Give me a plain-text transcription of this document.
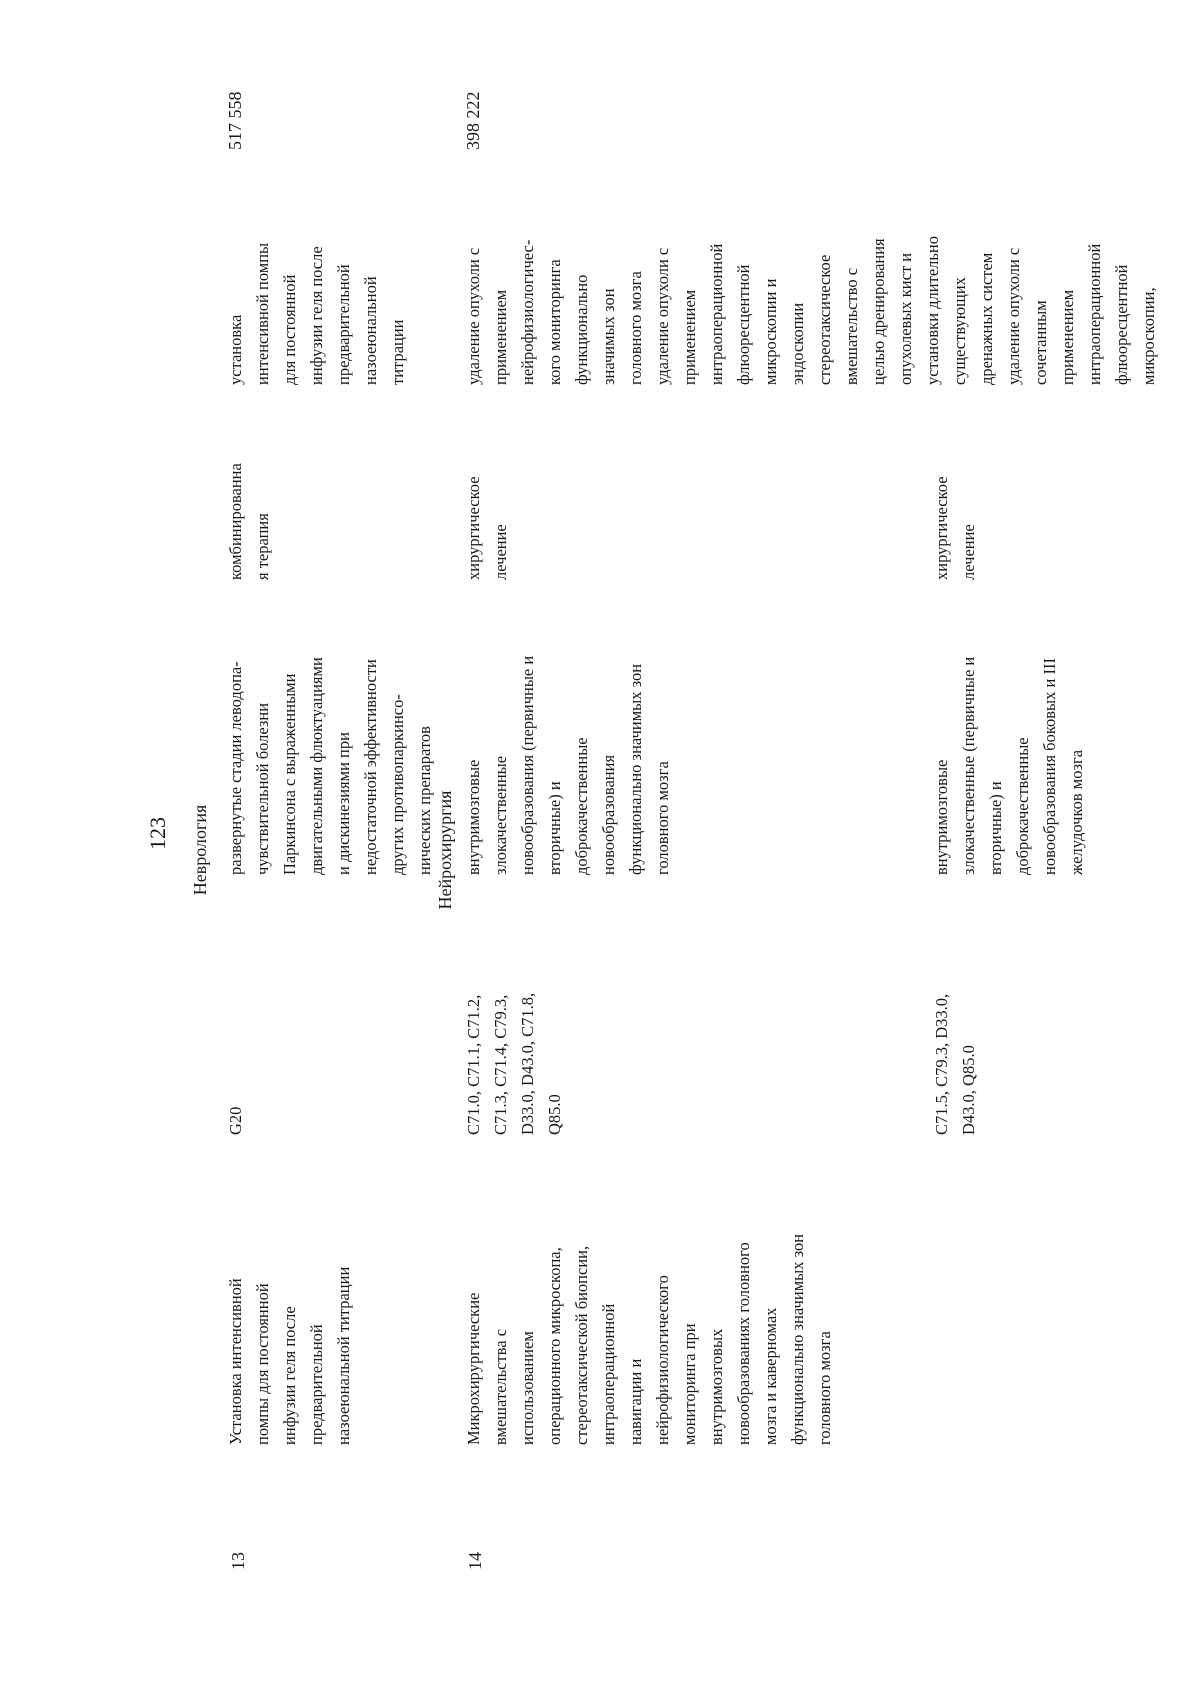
123 Неврология	Нейрохирургия
13
Установка интенсивной помпы для постоянной инфузии геля после предварительной назоеюнальной титрации
G20
развернутые стадии леводопа- чувствительной болезни Паркинсона с выраженными двигательными флюктуациями и дискинезиями при недостаточной эффективности других противопаркинсо- нических препаратов
комбинированна я терапия
установка интенсивной помпы для постоянной инфузии геля после предварительной назоеюнальной титрации
517 558
14
Микрохирургические вмешательства с использованием операционного микроскопа, стереотаксической биопсии, интраоперационной навигации и нейрофизиологического мониторинга при внутримозговых новообразованиях головного мозга и каверномах функционально значимых зон головного мозга
C71.0, C71.1, C71.2, C71.3, C71.4, C79.3, D33.0, D43.0, C71.8, Q85.0
внутримозговые злокачественные новообразования (первичные и вторичные) и доброкачественные новообразования функционально значимых зон головного мозга
хирургическое лечение
удаление опухоли с применением нейрофизиологичес- кого мониторинга функционально значимых зон головного мозга удаление опухоли с применением интраоперационной флюоресцентной микроскопии и эндоскопии стереотаксическое вмешательство с целью дренирования опухолевых кист и установки длительно существующих дренажных систем удаление опухоли с сочетанным применением интраоперационной флюоресцентной микроскопии,
398 222
C71.5, C79.3, D33.0, D43.0, Q85.0
внутримозговые злокачественные (первичные и вторичные) и доброкачественные новообразования боковых и III желудочков мозга
хирургическое лечение
